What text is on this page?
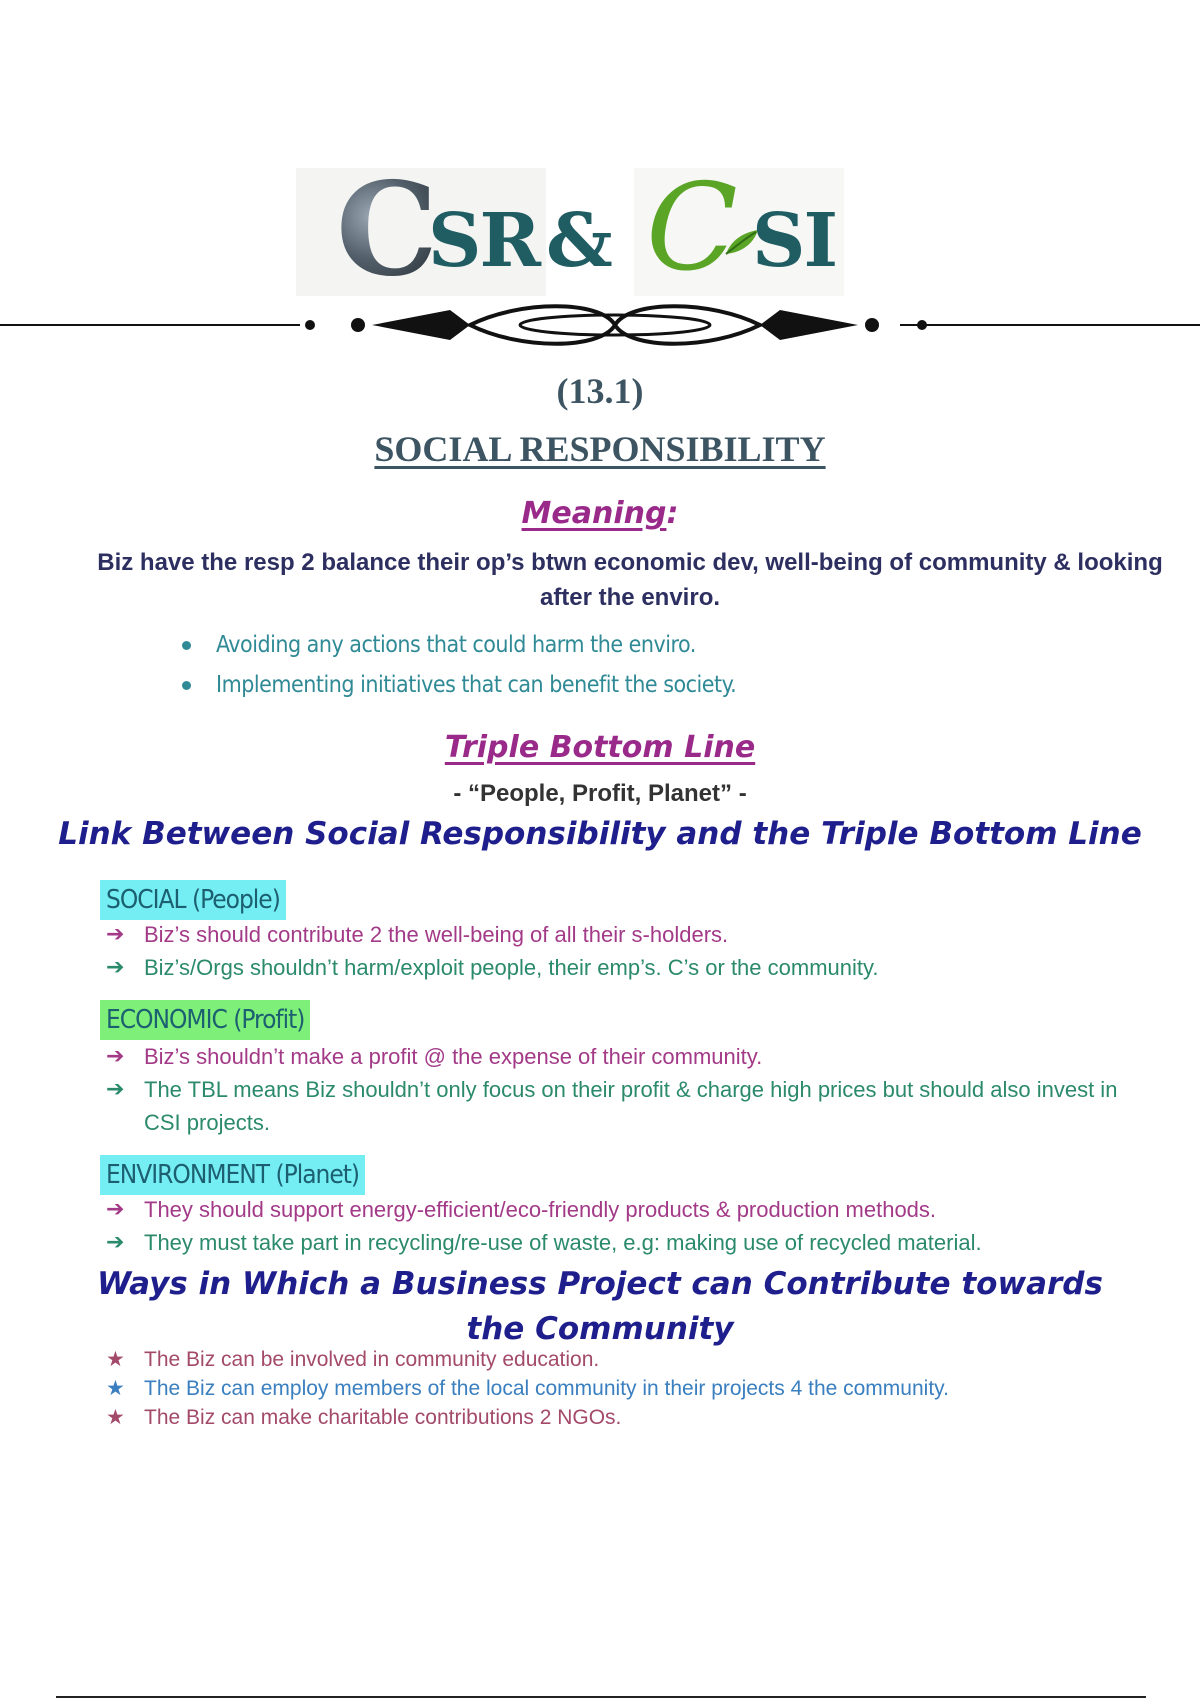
C
SR & C SI
(13.1)
SOCIAL RESPONSIBILITY
Meaning:
Biz have the resp 2 balance their op’s btwn economic dev, well-being of community & looking after the enviro.
Avoiding any actions that could harm the enviro.
Implementing initiatives that can benefit the society.
Triple Bottom Line
- “People, Profit, Planet” -
Link Between Social Responsibility and the Triple Bottom Line
SOCIAL (People)
➔ Biz’s should contribute 2 the well-being of all their s-holders.
➔ Biz’s/Orgs shouldn’t harm/exploit people, their emp’s. C’s or the community.
ECONOMIC (Profit)
➔ Biz’s shouldn’t make a profit @ the expense of their community.
➔ The TBL means Biz shouldn’t only focus on their profit & charge high prices but should also invest in CSI projects.
ENVIRONMENT (Planet)
➔ They should support energy-efficient/eco-friendly products & production methods.
➔ They must take part in recycling/re-use of waste, e.g: making use of recycled material.
Ways in Which a Business Project can Contribute towards the Community
★ The Biz can be involved in community education.
★ The Biz can employ members of the local community in their projects 4 the community.
★ The Biz can make charitable contributions 2 NGOs.
